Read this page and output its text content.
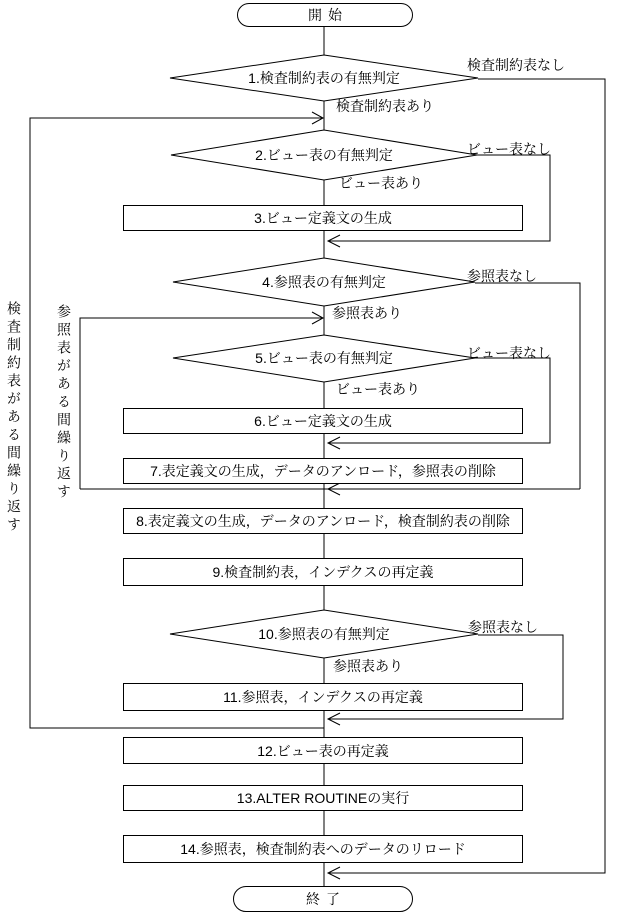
開始
終了
1.検査制約表の有無判定
2.ビュー表の有無判定
4.参照表の有無判定
5.ビュー表の有無判定
10.参照表の有無判定
3.ビュー定義文の生成
6.ビュー定義文の生成
7.表定義文の生成，データのアンロード，参照表の削除
8.表定義文の生成，データのアンロード，検査制約表の削除
9.検査制約表，インデクスの再定義
11.参照表，インデクスの再定義
12.ビュー表の再定義
13.ALTER ROUTINEの実行
14.参照表，検査制約表へのデータのリロード
検査制約表なし
検査制約表あり
ビュー表なし
ビュー表あり
参照表なし
参照表あり
ビュー表なし
ビュー表あり
参照表なし
参照表あり
検査制約表がある間繰り返す 参照表がある間繰り返す
